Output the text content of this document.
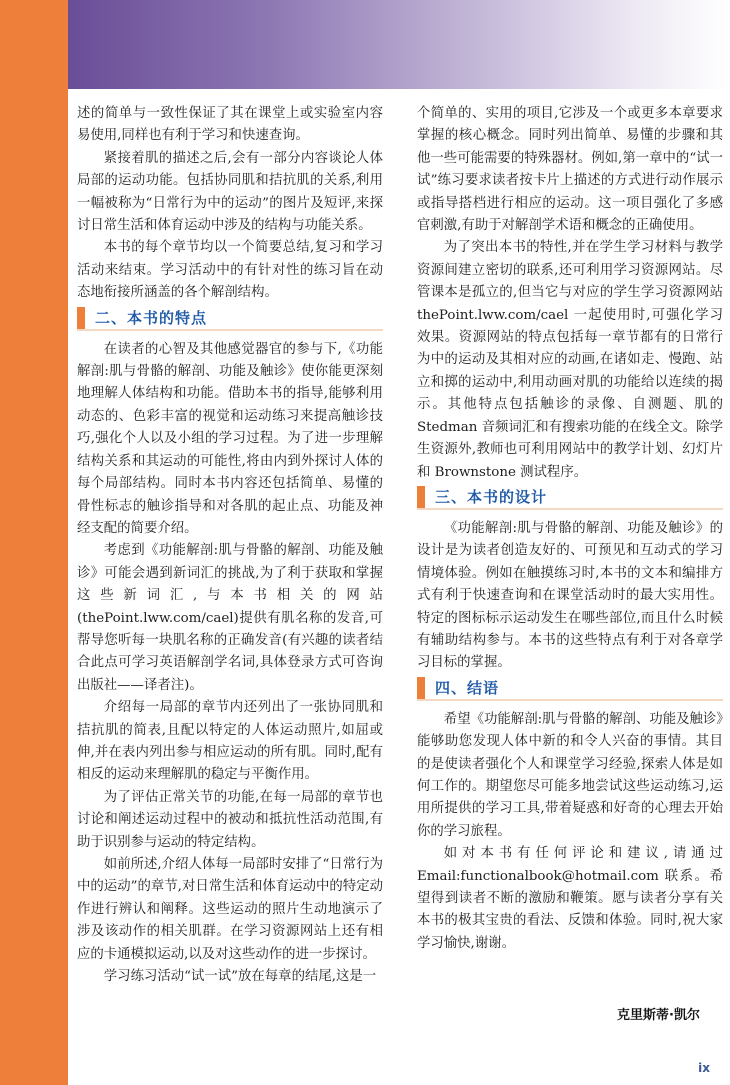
述的简单与一致性保证了其在课堂上或实验室内容易使用,同样也有利于学习和快速查询。

紧接着肌的描述之后,会有一部分内容谈论人体局部的运动功能。包括协同肌和拮抗肌的关系,利用一幅被称为“日常行为中的运动”的图片及短评,来探讨日常生活和体育运动中涉及的结构与功能关系。

本书的每个章节均以一个简要总结,复习和学习活动来结束。学习活动中的有针对性的练习旨在动态地衔接所涵盖的各个解剖结构。

二、本书的特点

在读者的心智及其他感觉器官的参与下,《功能解剖:肌与骨骼的解剖、功能及触诊》使你能更深刻地理解人体结构和功能。借助本书的指导,能够利用动态的、色彩丰富的视觉和运动练习来提高触诊技巧,强化个人以及小组的学习过程。为了进一步理解结构关系和其运动的可能性,将由内到外探讨人体的每个局部结构。同时本书内容还包括简单、易懂的骨性标志的触诊指导和对各肌的起止点、功能及神经支配的简要介绍。

考虑到《功能解剖:肌与骨骼的解剖、功能及触诊》可能会遇到新词汇的挑战,为了利于获取和掌握这些新词汇,与本书相关的网站(thePoint.lww.com/cael)提供有肌名称的发音,可帮导您听每一块肌名称的正确发音(有兴趣的读者结合此点可学习英语解剖学名词,具体登录方式可咨询出版社——译者注)。

介绍每一局部的章节内还列出了一张协同肌和拮抗肌的简表,且配以特定的人体运动照片,如屈或伸,并在表内列出参与相应运动的所有肌。同时,配有相反的运动来理解肌的稳定与平衡作用。

为了评估正常关节的功能,在每一局部的章节也讨论和阐述运动过程中的被动和抵抗性活动范围,有助于识别参与运动的特定结构。

如前所述,介绍人体每一局部时安排了“日常行为中的运动”的章节,对日常生活和体育运动中的特定动作进行辨认和阐释。这些运动的照片生动地演示了涉及该动作的相关肌群。在学习资源网站上还有相应的卡通模拟运动,以及对这些动作的进一步探讨。

学习练习活动“试一试”放在每章的结尾,这是一

个简单的、实用的项目,它涉及一个或更多本章要求掌握的核心概念。同时列出简单、易懂的步骤和其他一些可能需要的特殊器材。例如,第一章中的“试一试”练习要求读者按卡片上描述的方式进行动作展示或指导搭档进行相应的运动。这一项目强化了多感官刺激,有助于对解剖学术语和概念的正确使用。

为了突出本书的特性,并在学生学习材料与教学资源间建立密切的联系,还可利用学习资源网站。尽管课本是孤立的,但当它与对应的学生学习资源网站 thePoint.lww.com/cael 一起使用时,可强化学习效果。资源网站的特点包括每一章节都有的日常行为中的运动及其相对应的动画,在诸如走、慢跑、站立和掷的运动中,利用动画对肌的功能给以连续的揭示。其他特点包括触诊的录像、自测题、肌的 Stedman 音频词汇和有搜索功能的在线全文。除学生资源外,教师也可利用网站中的教学计划、幻灯片和 Brownstone 测试程序。

三、本书的设计

《功能解剖:肌与骨骼的解剖、功能及触诊》的设计是为读者创造友好的、可预见和互动式的学习情境体验。例如在触摸练习时,本书的文本和编排方式有利于快速查询和在课堂活动时的最大实用性。特定的图标标示运动发生在哪些部位,而且什么时候有辅助结构参与。本书的这些特点有利于对各章学习目标的掌握。

四、结语

希望《功能解剖:肌与骨骼的解剖、功能及触诊》能够助您发现人体中新的和令人兴奋的事情。其目的是使读者强化个人和课堂学习经验,探索人体是如何工作的。期望您尽可能多地尝试这些运动练习,运用所提供的学习工具,带着疑惑和好奇的心理去开始你的学习旅程。

如对本书有任何评论和建议,请通过 Email:functionalbook@hotmail.com 联系。希望得到读者不断的激励和鞭策。愿与读者分享有关本书的极其宝贵的看法、反馈和体验。同时,祝大家学习愉快,谢谢。

克里斯蒂·凯尔
ix
